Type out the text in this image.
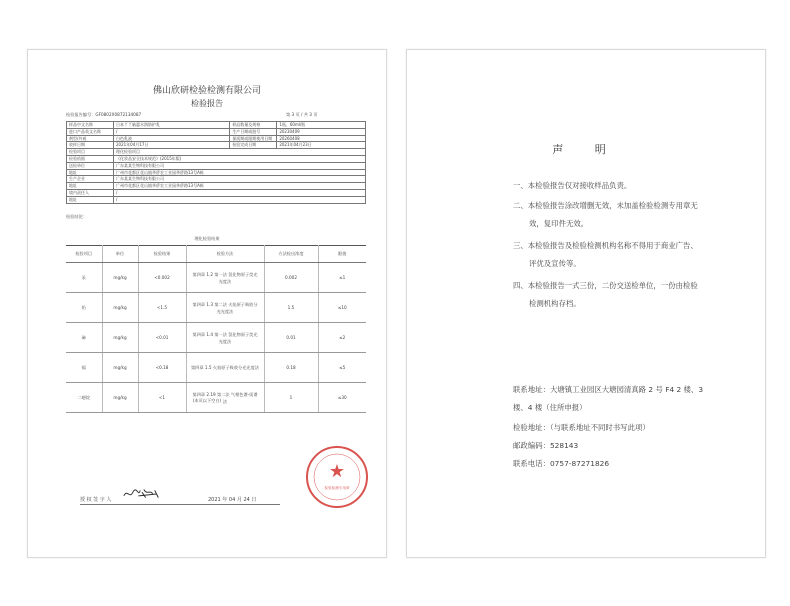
佛山欣研检验检测有限公司
检验报告
检验报告编号：GF0802X0872134087	第 3 页 / 共 3 页
样品中文名称	日本丫丫脑惠水润防护乳	样品数量及规格	1瓶，60ml/瓶
进口产品英文名称	/	生产日期或批号	20230409
剂型/外观	白色乳液	保质期或限期使用日期	20260408
收样日期	2021年04月17日	检验完成日期	2021年04月23日
检验项目	理化检验项目		
检验依据	《化妆品安全技术规范》(2015年版)		
送检单位	广东某某生物科技有限公司		
地址	广州市花都区花山镇华侨农工业园华侨路13号A栋		
生产企业	广东某某生物科技有限公司		
地址	广州市花都区花山镇华侨农工业园华侨路13号A栋		
境内责任人	/		
地址	/		
检验结论：
理化检验结果
检验项目	单位	检验结果	检验方法	方法检出浓度	限值
汞	mg/kg	<0.002	第四章 1.2 第一法 氢化物原子荧光光度法	0.002	≤1
铅	mg/kg	<1.5	第四章 1.3 第二法 火焰原子吸收分光光度法	1.5	≤10
砷	mg/kg	<0.01	第四章 1.4 第一法 氢化物原子荧光光度法	0.01	≤2
镉	mg/kg	<0.18	第四章 1.5 火焰原子吸收分光光度法	0.18	≤5
二噁烷	mg/kg	<1	第四章 2.19 第二法 气相色谱-质谱法	1	≤30
(本页以下空白)
授 权 签 字 人	2021 年 04 月 24 日
★
检验检测专用章
声 明
一、本检验报告仅对接收样品负责。
二、本检验报告涂改增删无效，未加盖检验检测专用章无
效，复印件无效。
三、本检验报告及检验检测机构名称不得用于商业广告、
评优及宣传等。
四、本检验报告一式三份，二份交送检单位，一份由检验
检测机构存档。
联系地址：大塘镇工业园区大塘园清真路 2 号 F4 2 楼、3
楼、4 楼（住所申报）
检验地址：（与联系地址不同时书写此项）
邮政编码：528143
联系电话：0757-87271826
